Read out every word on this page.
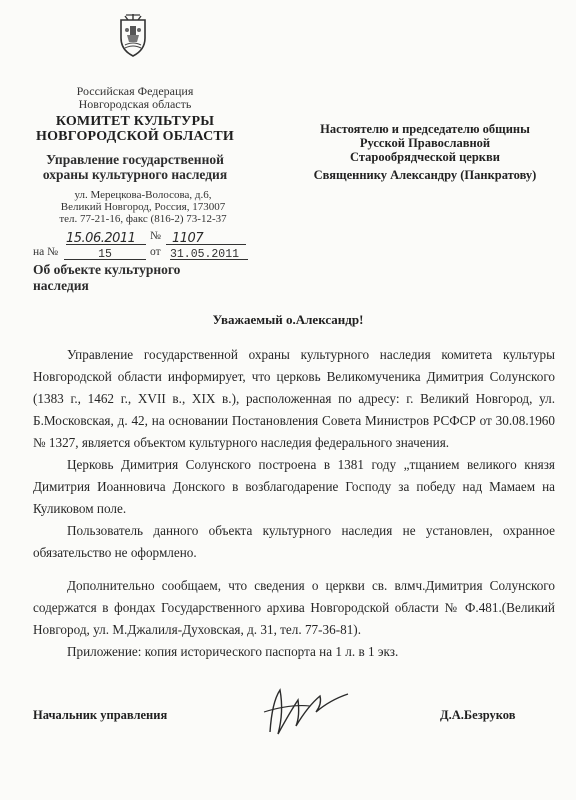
Российская Федерация
Новгородская область
КОМИТЕТ КУЛЬТУРЫ
НОВГОРОДСКОЙ ОБЛАСТИ
Управление государственной
охраны культурного наследия
ул. Мерецкова-Волосова, д.6,
Великий Новгород, Россия, 173007
тел. 77-21-16, факс (816-2) 73-12-37
15.06.2011	№ 1107
на №	15	от 31.05.2011
Об объекте культурного
наследия
Настоятелю и председателю общины
Русской Православной
Старообрядческой церкви
Священнику Александру (Панкратову)
Уважаемый о.Александр!
Управление государственной охраны культурного наследия комитета культуры Новгородской области информирует, что церковь Великомученика Димитрия Солунского (1383 г., 1462 г., XVII в., XIX в.), расположенная по адресу: г. Великий Новгород, ул. Б.Московская, д. 42, на основании Постановления Совета Министров РСФСР от 30.08.1960 № 1327, является объектом культурного наследия федерального значения.
Церковь Димитрия Солунского построена в 1381 году „тщанием великого князя Димитрия Иоанновича Донского в возблагодарение Господу за победу над Мамаем на Куликовом поле.
Пользователь данного объекта культурного наследия не установлен, охранное обязательство не оформлено.
Дополнительно сообщаем, что сведения о церкви св. влмч.Димитрия Солунского содержатся в фондах Государственного архива Новгородской области № Ф.481.(Великий Новгород, ул. М.Джалиля-Духовская, д. 31, тел. 77-36-81).
Приложение: копия исторического паспорта на 1 л. в 1 экз.
Начальник управления	Д.А.Безруков
